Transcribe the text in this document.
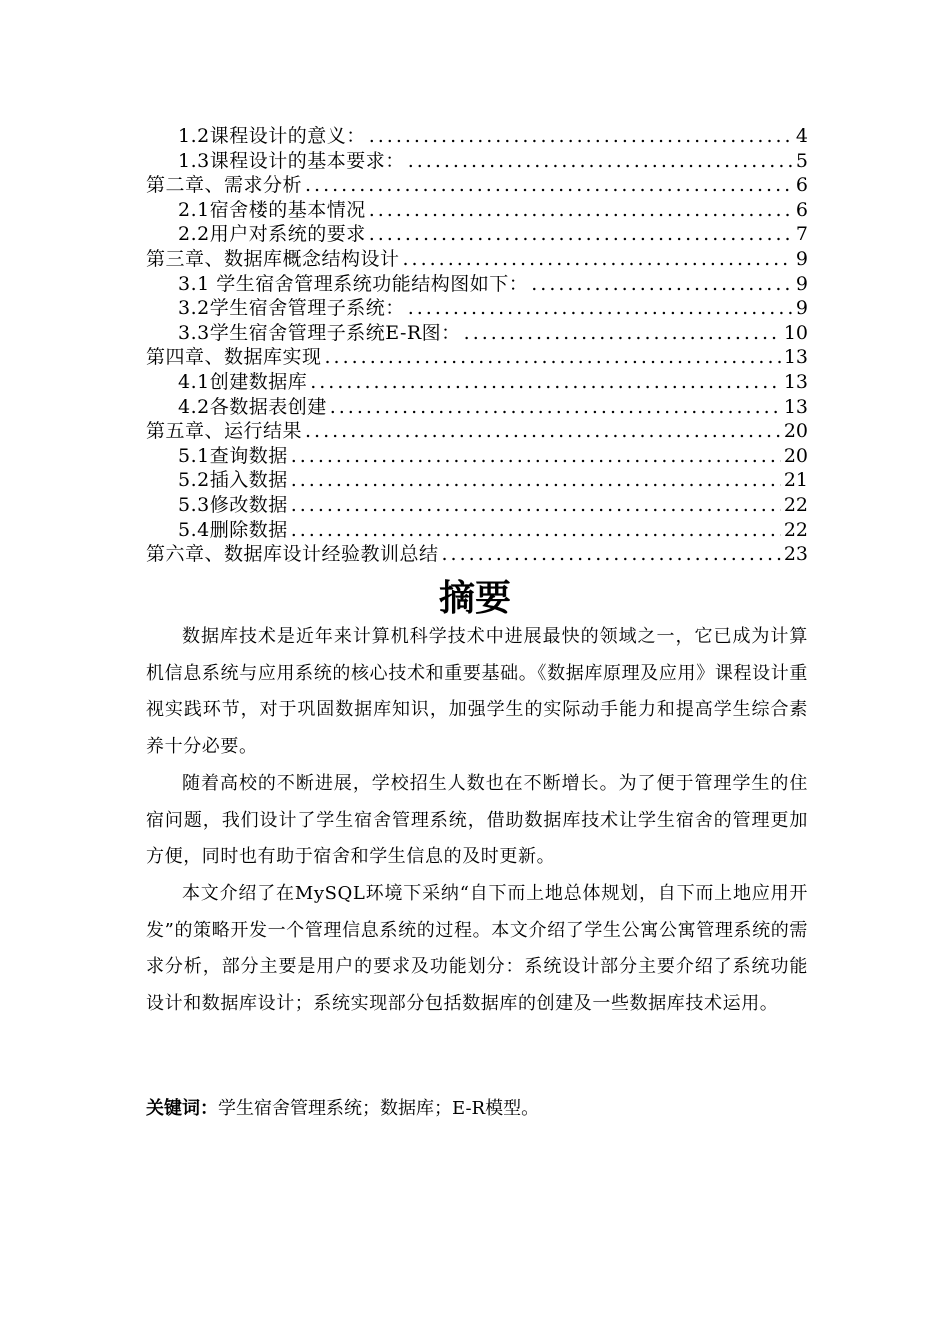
1.2课程设计的意义： .....	4
1.3课程设计的基本要求： .....	5
第二章、需求分析 .....	6
2.1宿舍楼的基本情况 .....	6
2.2用户对系统的要求 .....	7
第三章、数据库概念结构设计 .....	9
3.1 学生宿舍管理系统功能结构图如下： .....	9
3.2学生宿舍管理子系统： .....	9
3.3学生宿舍管理子系统E-R图： .....	10
第四章、数据库实现 .....	13
4.1创建数据库 .....	13
4.2各数据表创建 .....	13
第五章、运行结果 .....	20
5.1查询数据 .....	20
5.2插入数据 .....	21
5.3修改数据 .....	22
5.4删除数据 .....	22
第六章、数据库设计经验教训总结 .....	23
摘要

数据库技术是近年来计算机科学技术中进展最快的领域之一，它已成为计算机信息系统与应用系统的核心技术和重要基础。《数据库原理及应用》课程设计重视实践环节，对于巩固数据库知识，加强学生的实际动手能力和提高学生综合素养十分必要。

随着高校的不断进展，学校招生人数也在不断增长。为了便于管理学生的住宿问题，我们设计了学生宿舍管理系统，借助数据库技术让学生宿舍的管理更加方便，同时也有助于宿舍和学生信息的及时更新。

本文介绍了在MySQL环境下采纳“自下而上地总体规划，自下而上地应用开发”的策略开发一个管理信息系统的过程。本文介绍了学生公寓公寓管理系统的需求分析，部分主要是用户的要求及功能划分：系统设计部分主要介绍了系统功能设计和数据库设计；系统实现部分包括数据库的创建及一些数据库技术运用。

关键词：学生宿舍管理系统；数据库；E-R模型。
